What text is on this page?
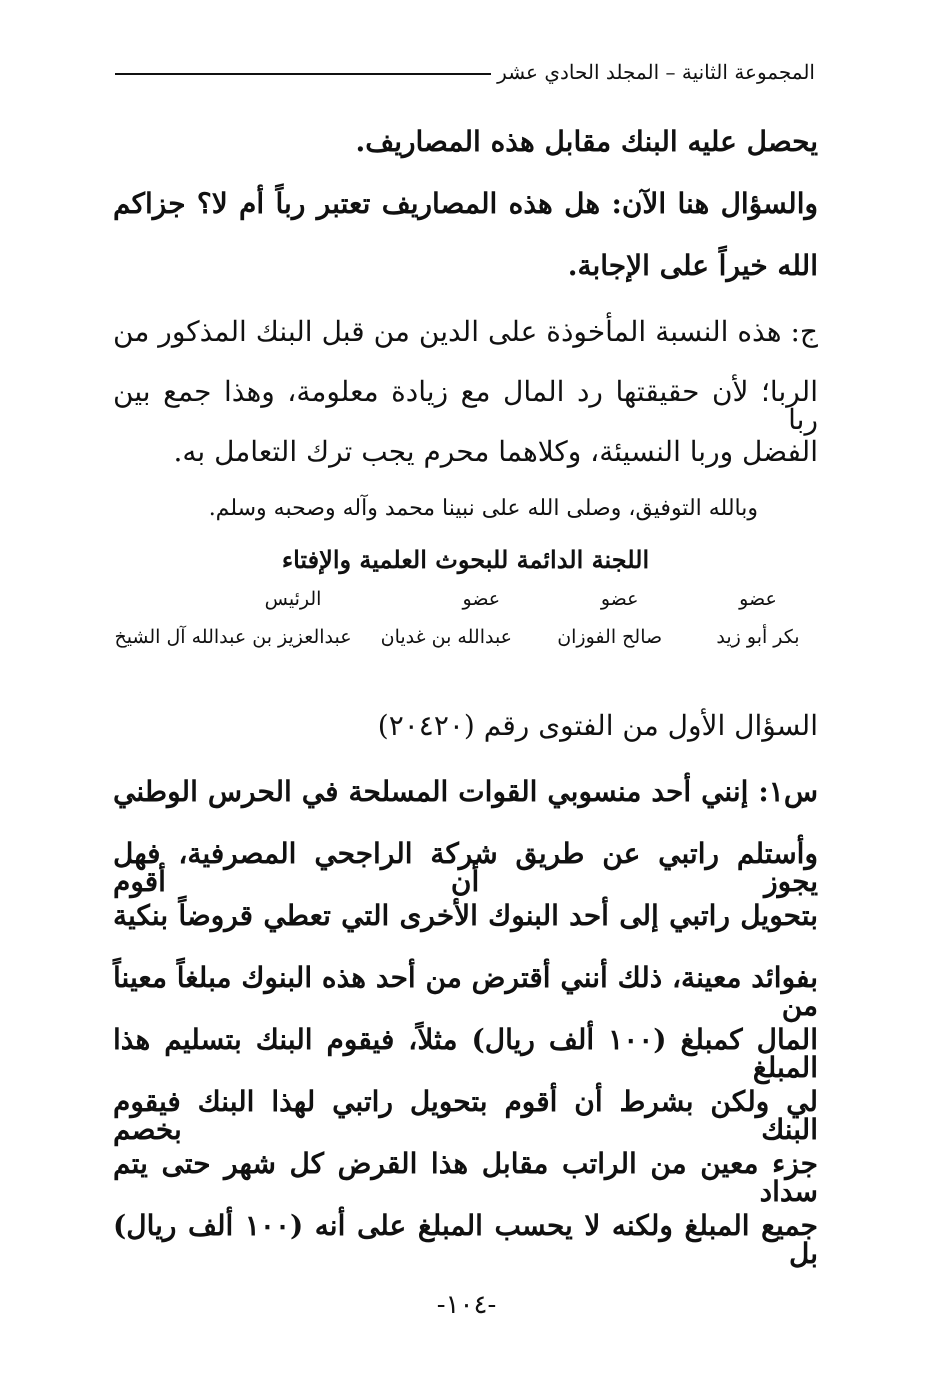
المجموعة الثانية – المجلد الحادي عشر
يحصل عليه البنك مقابل هذه المصاريف.
والسؤال هنا الآن: هل هذه المصاريف تعتبر رباً أم لا؟ جزاكم
الله خيراً على الإجابة.
ج: هذه النسبة المأخوذة على الدين من قبل البنك المذكور من
الربا؛ لأن حقيقتها رد المال مع زيادة معلومة، وهذا جمع بين ربا
الفضل وربا النسيئة، وكلاهما محرم يجب ترك التعامل به.
وبالله التوفيق، وصلى الله على نبينا محمد وآله وصحبه وسلم.
اللجنة الدائمة للبحوث العلمية والإفتاء
عضو
عضو
عضو
الرئيس
بكر أبو زيد
صالح الفوزان
عبدالله بن غديان
عبدالعزيز بن عبدالله آل الشيخ
السؤال الأول من الفتوى رقم (٢٠٤٢٠)
س١: إنني أحد منسوبي القوات المسلحة في الحرس الوطني
وأستلم راتبي عن طريق شركة الراجحي المصرفية، فهل يجوز أن أقوم
بتحويل راتبي إلى أحد البنوك الأخرى التي تعطي قروضاً بنكية
بفوائد معينة، ذلك أنني أقترض من أحد هذه البنوك مبلغاً معيناً من
المال كمبلغ (١٠٠ ألف ريال) مثلاً، فيقوم البنك بتسليم هذا المبلغ
لي ولكن بشرط أن أقوم بتحويل راتبي لهذا البنك فيقوم البنك بخصم
جزء معين من الراتب مقابل هذا القرض كل شهر حتى يتم سداد
جميع المبلغ ولكنه لا يحسب المبلغ على أنه (١٠٠ ألف ريال) بل
-١٠٤-
